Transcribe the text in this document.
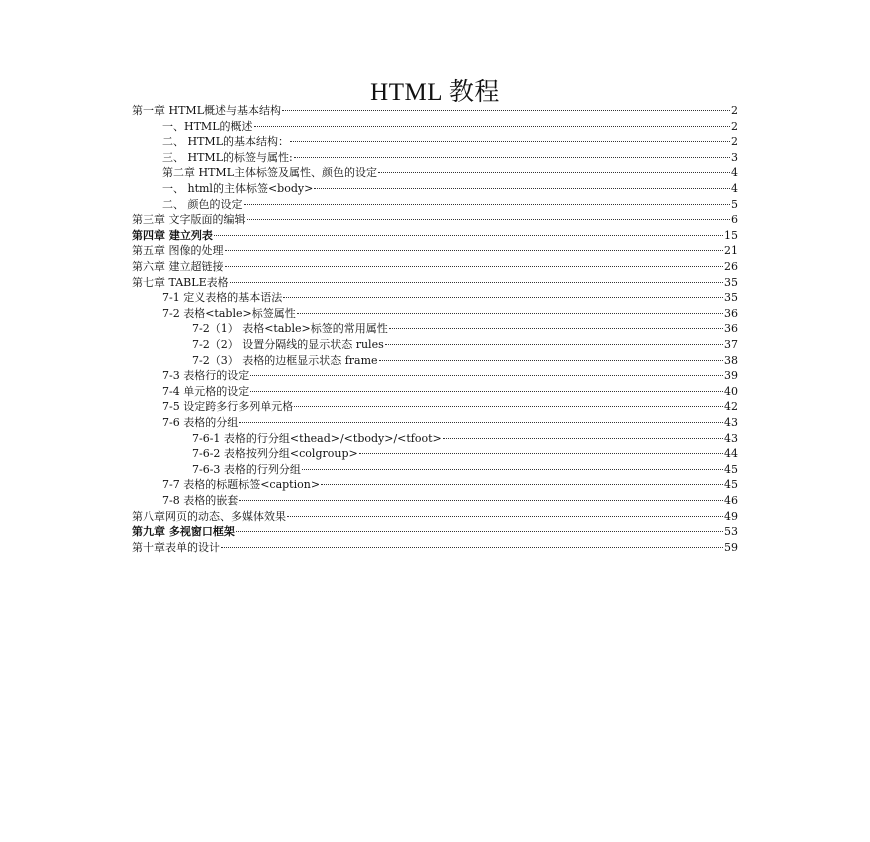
HTML 教程
第一章 HTML概述与基本结构	2
一、HTML的概述	2
二、 HTML的基本结构：	2
三、 HTML的标签与属性:	3
第二章 HTML主体标签及属性、颜色的设定	4
一、 html的主体标签<body>	4
二、 颜色的设定	5
第三章 文字版面的编辑	6
第四章 建立列表	15
第五章 图像的处理	21
第六章 建立超链接	26
第七章 TABLE表格	35
7-1 定义表格的基本语法	35
7-2 表格<table>标签属性	36
7-2（1） 表格<table>标签的常用属性	36
7-2（2） 设置分隔线的显示状态 rules	37
7-2（3） 表格的边框显示状态 frame	38
7-3 表格行的设定	39
7-4 单元格的设定	40
7-5 设定跨多行多列单元格	42
7-6 表格的分组	43
7-6-1 表格的行分组<thead>/<tbody>/<tfoot>	43
7-6-2 表格按列分组<colgroup>	44
7-6-3 表格的行列分组	45
7-7 表格的标题标签<caption>	45
7-8 表格的嵌套	46
第八章网页的动态、多媒体效果	49
第九章 多视窗口框架	53
第十章表单的设计	59
